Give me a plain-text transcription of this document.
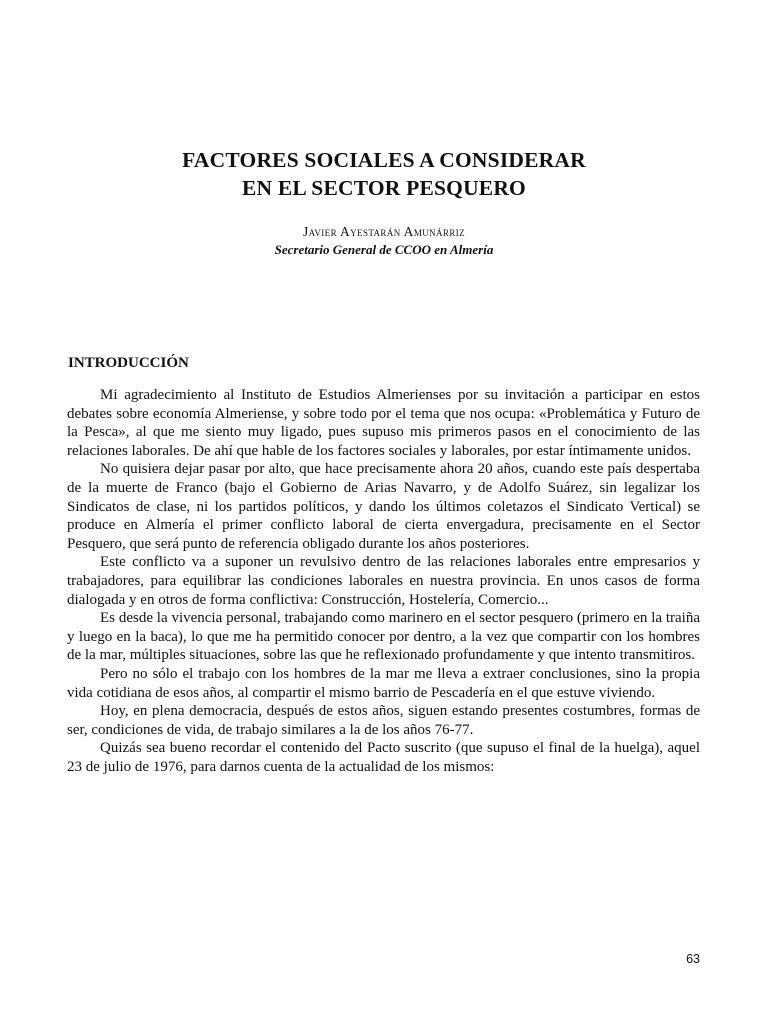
FACTORES SOCIALES A CONSIDERAR
EN EL SECTOR PESQUERO
Javier Ayestarán Amunárriz
Secretario General de CCOO en Almería
INTRODUCCIÓN

Mi agradecimiento al Instituto de Estudios Almerienses por su invitación a participar en estos debates sobre economía Almeriense, y sobre todo por el tema que nos ocupa: «Problemática y Futuro de la Pesca», al que me siento muy ligado, pues supuso mis primeros pasos en el conocimiento de las relaciones laborales. De ahí que hable de los factores sociales y laborales, por estar íntimamente unidos.

No quisiera dejar pasar por alto, que hace precisamente ahora 20 años, cuando este país despertaba de la muerte de Franco (bajo el Gobierno de Arias Navarro, y de Adolfo Suárez, sin legalizar los Sindicatos de clase, ni los partidos políticos, y dando los últimos coletazos el Sindicato Vertical) se produce en Almería el primer conflicto laboral de cierta envergadura, precisamente en el Sector Pesquero, que será punto de referencia obligado durante los años posteriores.

Este conflicto va a suponer un revulsivo dentro de las relaciones laborales entre empresarios y trabajadores, para equilibrar las condiciones laborales en nuestra provincia. En unos casos de forma dialogada y en otros de forma conflictiva: Construcción, Hostelería, Comercio...

Es desde la vivencia personal, trabajando como marinero en el sector pesquero (primero en la traiña y luego en la baca), lo que me ha permitido conocer por dentro, a la vez que compartir con los hombres de la mar, múltiples situaciones, sobre las que he reflexionado profundamente y que intento transmitiros.

Pero no sólo el trabajo con los hombres de la mar me lleva a extraer conclusiones, sino la propia vida cotidiana de esos años, al compartir el mismo barrio de Pescadería en el que estuve viviendo.

Hoy, en plena democracia, después de estos años, siguen estando presentes costumbres, formas de ser, condiciones de vida, de trabajo similares a la de los años 76-77.

Quizás sea bueno recordar el contenido del Pacto suscrito (que supuso el final de la huelga), aquel 23 de julio de 1976, para darnos cuenta de la actualidad de los mismos:

63
